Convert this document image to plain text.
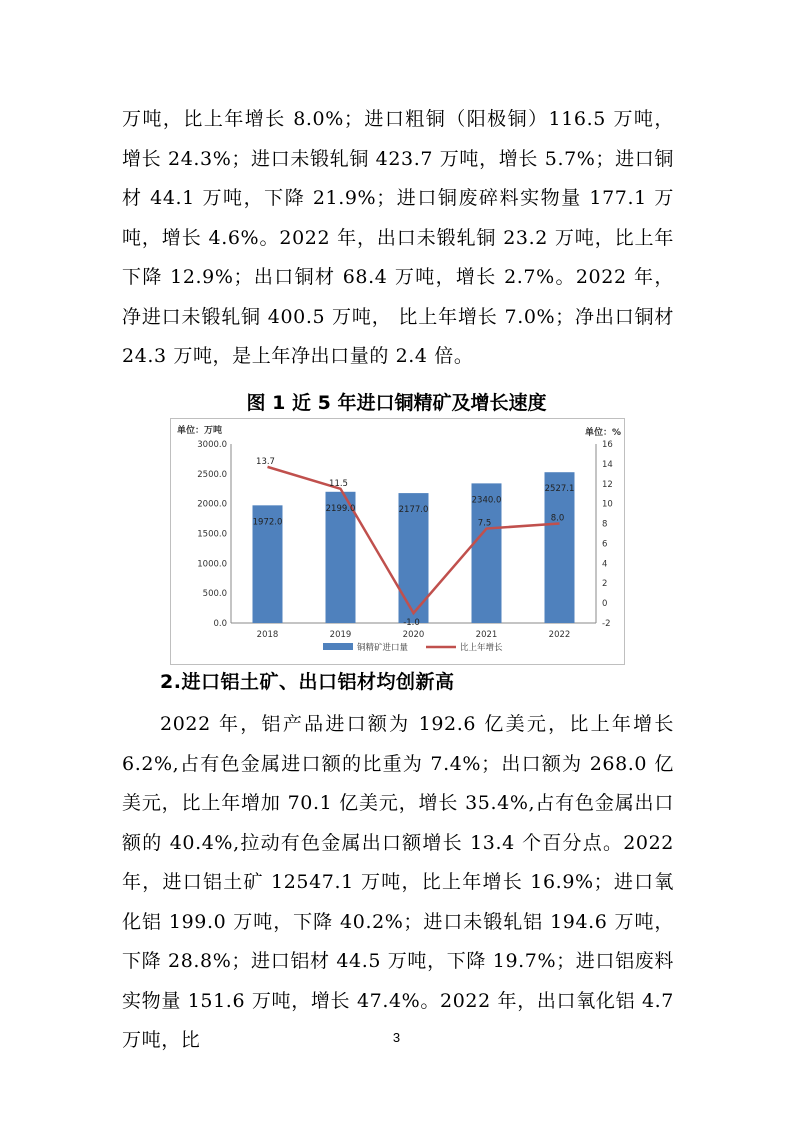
万吨，比上年增长 8.0%；进口粗铜（阳极铜）116.5 万吨，增长 24.3%；进口未锻轧铜 423.7 万吨，增长 5.7%；进口铜材 44.1 万吨，下降 21.9%；进口铜废碎料实物量 177.1 万吨，增长 4.6%。2022 年，出口未锻轧铜 23.2 万吨，比上年下降 12.9%；出口铜材 68.4 万吨，增长 2.7%。2022 年，净进口未锻轧铜 400.5 万吨， 比上年增长 7.0%；净出口铜材 24.3 万吨，是上年净出口量的 2.4 倍。

图 1 近 5 年进口铜精矿及增长速度

单位：万吨	单位：%
0.0
500.0
1000.0
1500.0
2000.0
2500.0
3000.0
-2
0
2
4
6
8
10
12
14
16
2018	2019	2020	2021	2022
1972.0
2199.0	2177.0
2340.0
2527.1
13.7
11.5
-1.0
7.5	8.0
铜精矿进口量	比上年增长

2.进口铝土矿、出口铝材均创新高

2022 年，铝产品进口额为 192.6 亿美元，比上年增长 6.2%,占有色金属进口额的比重为 7.4%；出口额为 268.0 亿美元，比上年增加 70.1 亿美元，增长 35.4%,占有色金属出口额的 40.4%,拉动有色金属出口额增长 13.4 个百分点。2022 年，进口铝土矿 12547.1 万吨，比上年增长 16.9%；进口氧化铝 199.0 万吨，下降 40.2%；进口未锻轧铝 194.6 万吨，下降 28.8%；进口铝材 44.5 万吨，下降 19.7%；进口铝废料实物量 151.6 万吨，增长 47.4%。2022 年，出口氧化铝 4.7 万吨，比	3
